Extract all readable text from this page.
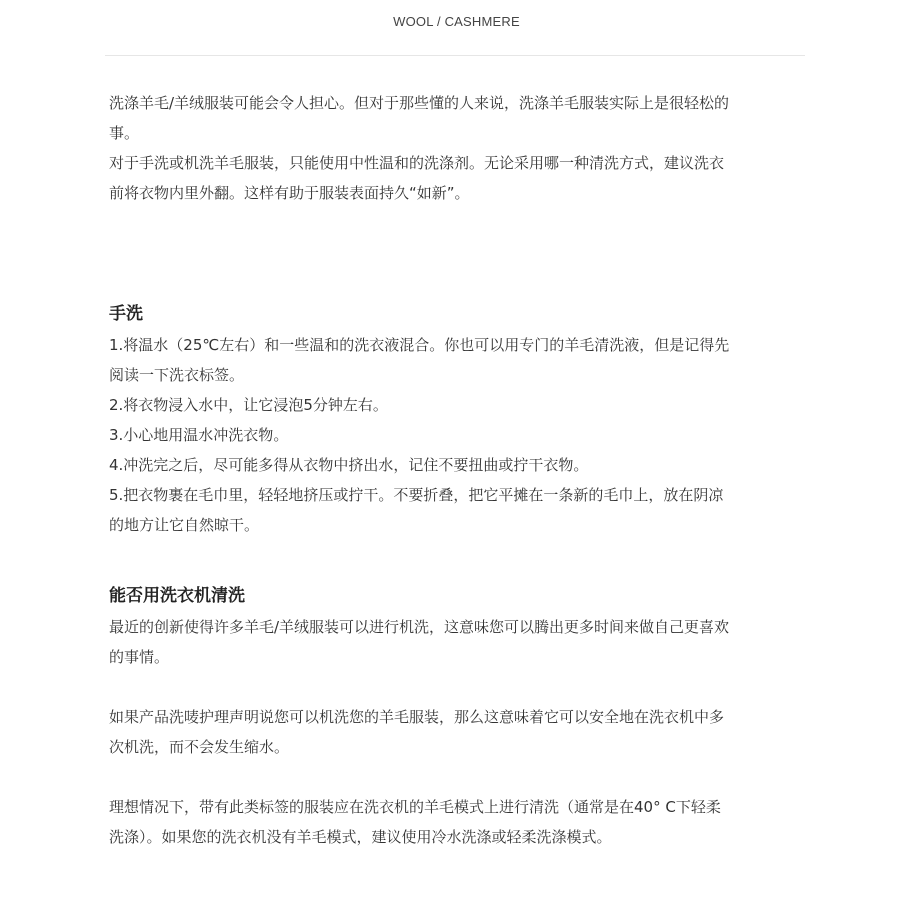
WOOL / CASHMERE

洗涤羊毛/羊绒服装可能会令人担心。但对于那些懂的人来说，洗涤羊毛服装实际上是很轻松的
事。
对于手洗或机洗羊毛服装，只能使用中性温和的洗涤剂。无论采用哪一种清洗方式，建议洗衣
前将衣物内里外翻。这样有助于服装表面持久“如新”。

手洗

1.将温水（25℃左右）和一些温和的洗衣液混合。你也可以用专门的羊毛清洗液，但是记得先
阅读一下洗衣标签。
2.将衣物浸入水中，让它浸泡5分钟左右。
3.小心地用温水冲洗衣物。
4.冲洗完之后，尽可能多得从衣物中挤出水，记住不要扭曲或拧干衣物。
5.把衣物裹在毛巾里，轻轻地挤压或拧干。不要折叠，把它平摊在一条新的毛巾上，放在阴凉
的地方让它自然晾干。

能否用洗衣机清洗

最近的创新使得许多羊毛/羊绒服装可以进行机洗，这意味您可以腾出更多时间来做自己更喜欢
的事情。

如果产品洗唛护理声明说您可以机洗您的羊毛服装，那么这意味着它可以安全地在洗衣机中多
次机洗，而不会发生缩水。

理想情况下，带有此类标签的服装应在洗衣机的羊毛模式上进行清洗（通常是在40° C下轻柔
洗涤）。如果您的洗衣机没有羊毛模式，建议使用冷水洗涤或轻柔洗涤模式。
